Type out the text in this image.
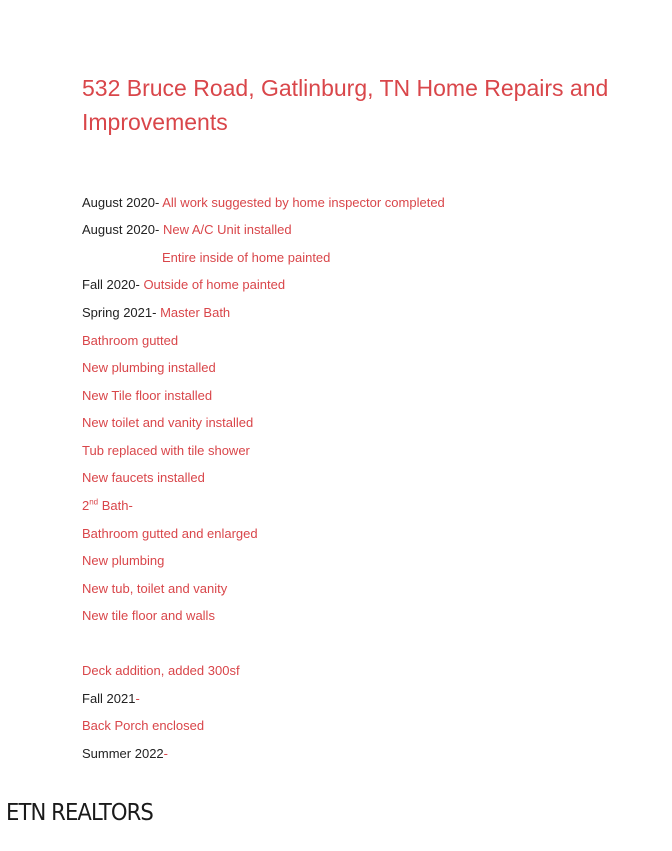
532 Bruce Road, Gatlinburg, TN Home Repairs and Improvements
August 2020- All work suggested by home inspector completed
August 2020- New A/C Unit installed
Entire inside of home painted
Fall 2020- Outside of home painted
Spring 2021- Master Bath
Bathroom gutted
New plumbing installed
New Tile floor installed
New toilet and vanity installed
Tub replaced with tile shower
New faucets installed
2nd Bath-
Bathroom gutted and enlarged
New plumbing
New tub, toilet and vanity
New tile floor and walls
Deck addition, added 300sf
Fall 2021-
Back Porch enclosed
Summer 2022-
ETN REALTORS
